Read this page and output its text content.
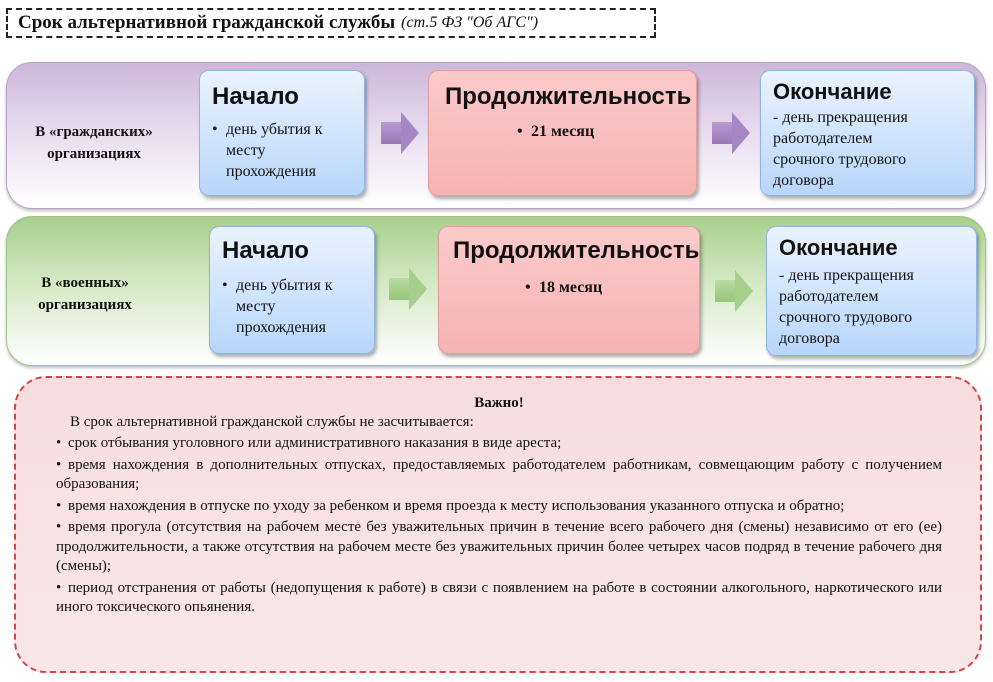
Срок альтернативной гражданской службы (ст.5 ФЗ "Об АГС")
В «гражданских»
организациях
Начало
• день убытия к
месту
прохождения
Продолжительность
• 21 месяц
Окончание
- день прекращения
работодателем
срочного трудового
договора
В «военных»
организациях
Начало
• день убытия к
месту
прохождения
Продолжительность
• 18 месяц
Окончание
- день прекращения
работодателем
срочного трудового
договора
Важно!
В срок альтернативной гражданской службы не засчитывается:
• срок отбывания уголовного или административного наказания в виде ареста;
• время нахождения в дополнительных отпусках, предоставляемых работодателем работникам, совмещающим работу с получением образования;
• время нахождения в отпуске по уходу за ребенком и время проезда к месту использования указанного отпуска и обратно;
• время прогула (отсутствия на рабочем месте без уважительных причин в течение всего рабочего дня (смены) независимо от его (ее) продолжительности, а также отсутствия на рабочем месте без уважительных причин более четырех часов подряд в течение рабочего дня (смены);
• период отстранения от работы (недопущения к работе) в связи с появлением на работе в состоянии алкогольного, наркотического или иного токсического опьянения.
